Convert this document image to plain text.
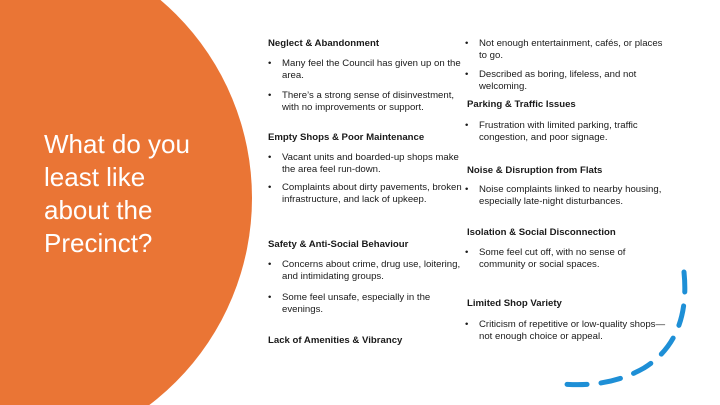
What do you
least like
about the
Precinct?
Neglect & Abandonment
•	Many feel the Council has given up on the area.
•	There’s a strong sense of disinvestment, with no improvements or support.
Empty Shops & Poor Maintenance
•	Vacant units and boarded-up shops make the area feel run-down.
•	Complaints about dirty pavements, broken infrastructure, and lack of upkeep.
Safety & Anti-Social Behaviour
•	Concerns about crime, drug use, loitering, and intimidating groups.
•	Some feel unsafe, especially in the evenings.
Lack of Amenities & Vibrancy
•	Not enough entertainment, cafés, or places to go.
•	Described as boring, lifeless, and not welcoming.
Parking & Traffic Issues
•	Frustration with limited parking, traffic congestion, and poor signage.
Noise & Disruption from Flats
•	Noise complaints linked to nearby housing, especially late-night disturbances.
Isolation & Social Disconnection
•	Some feel cut off, with no sense of community or social spaces.
Limited Shop Variety
•	Criticism of repetitive or low-quality shops—not enough choice or appeal.
